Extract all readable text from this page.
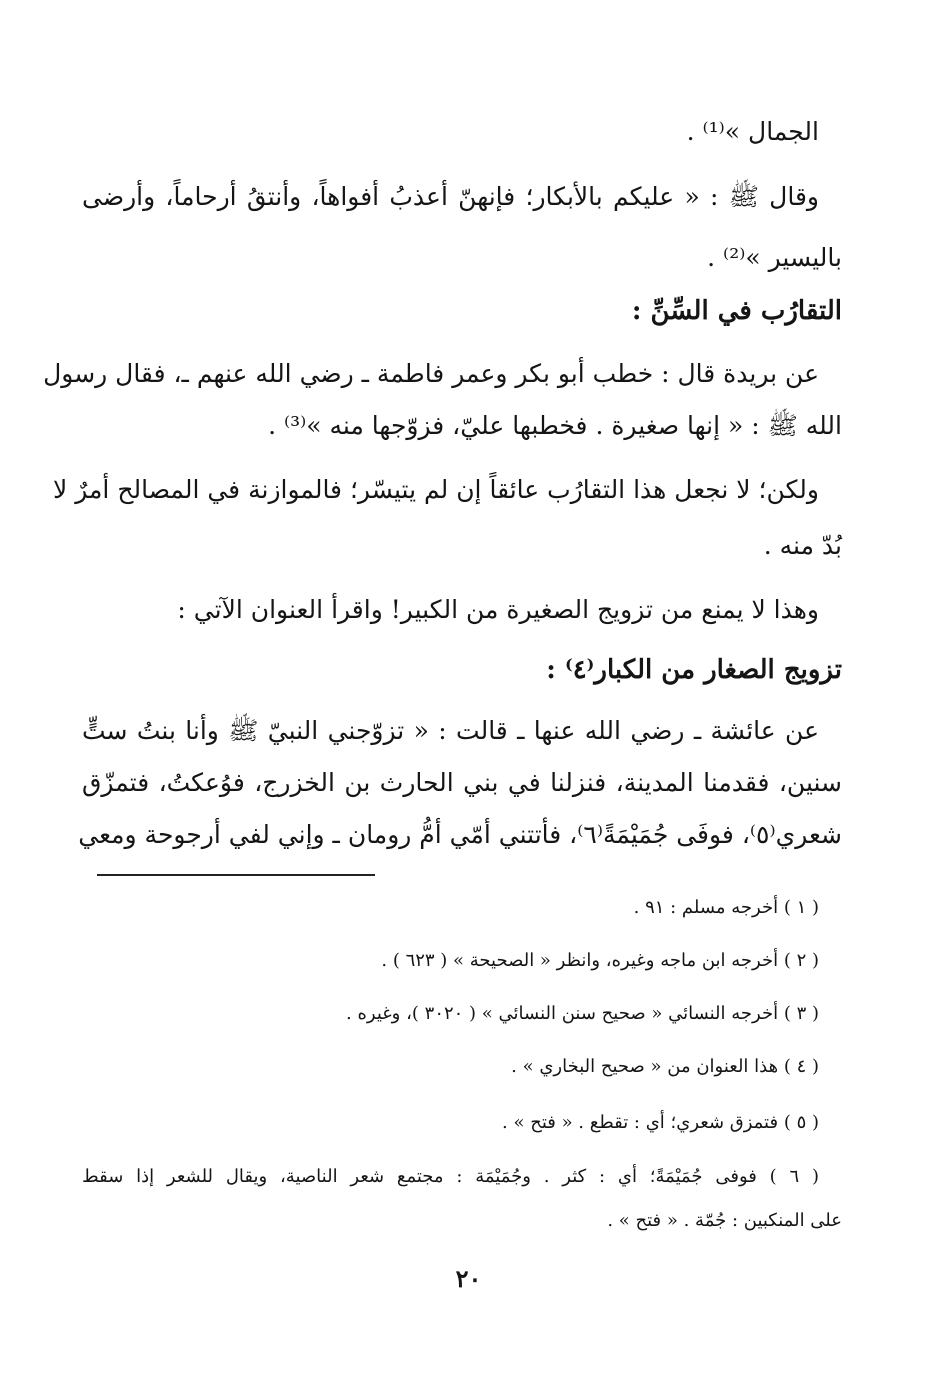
الجمال »⁽¹⁾ .
وقال ﷺ : « عليكم بالأبكار؛ فإنهنّ أعذبُ أفواهاً، وأنتقُ أرحاماً، وأرضى
باليسير »⁽²⁾ .
التقارُب في السِّنِّ :
عن بريدة قال : خطب أبو بكر وعمر فاطمة ـ رضي الله عنهم ـ، فقال رسول
الله ﷺ : « إنها صغيرة . فخطبها عليّ، فزوّجها منه »⁽³⁾ .
ولكن؛ لا نجعل هذا التقارُب عائقاً إن لم يتيسّر؛ فالموازنة في المصالح أمرٌ لا
بُدّ منه .
وهذا لا يمنع من تزويج الصغيرة من الكبير! واقرأ العنوان الآتي :
تزويج الصغار من الكبار⁽٤⁾ :
عن عائشة ـ رضي الله عنها ـ قالت : « تزوّجني النبيّ ﷺ وأنا بنتُ ستٍّ
سنين، فقدمنا المدينة، فنزلنا في بني الحارث بن الخزرج، فوُعكتُ، فتمزّق
شعري⁽٥⁾، فوفَى جُمَيْمَةً⁽٦⁾، فأتتني أمّي أمُّ رومان ـ وإني لفي أرجوحة ومعي
( ١ ) أخرجه مسلم : ٩١ .
( ٢ ) أخرجه ابن ماجه وغيره، وانظر « الصحيحة » ( ٦٢٣ ) .
( ٣ ) أخرجه النسائي « صحيح سنن النسائي » ( ٣٠٢٠ )، وغيره .
( ٤ ) هذا العنوان من « صحيح البخاري » .
( ٥ ) فتمزق شعري؛ أي : تقطع . « فتح » .
( ٦ ) فوفى جُمَيْمَةً؛ أي : كثر . وجُمَيْمَة : مجتمع شعر الناصية، ويقال للشعر إذا سقط
على المنكبين : جُمّة . « فتح » .
٢٠
